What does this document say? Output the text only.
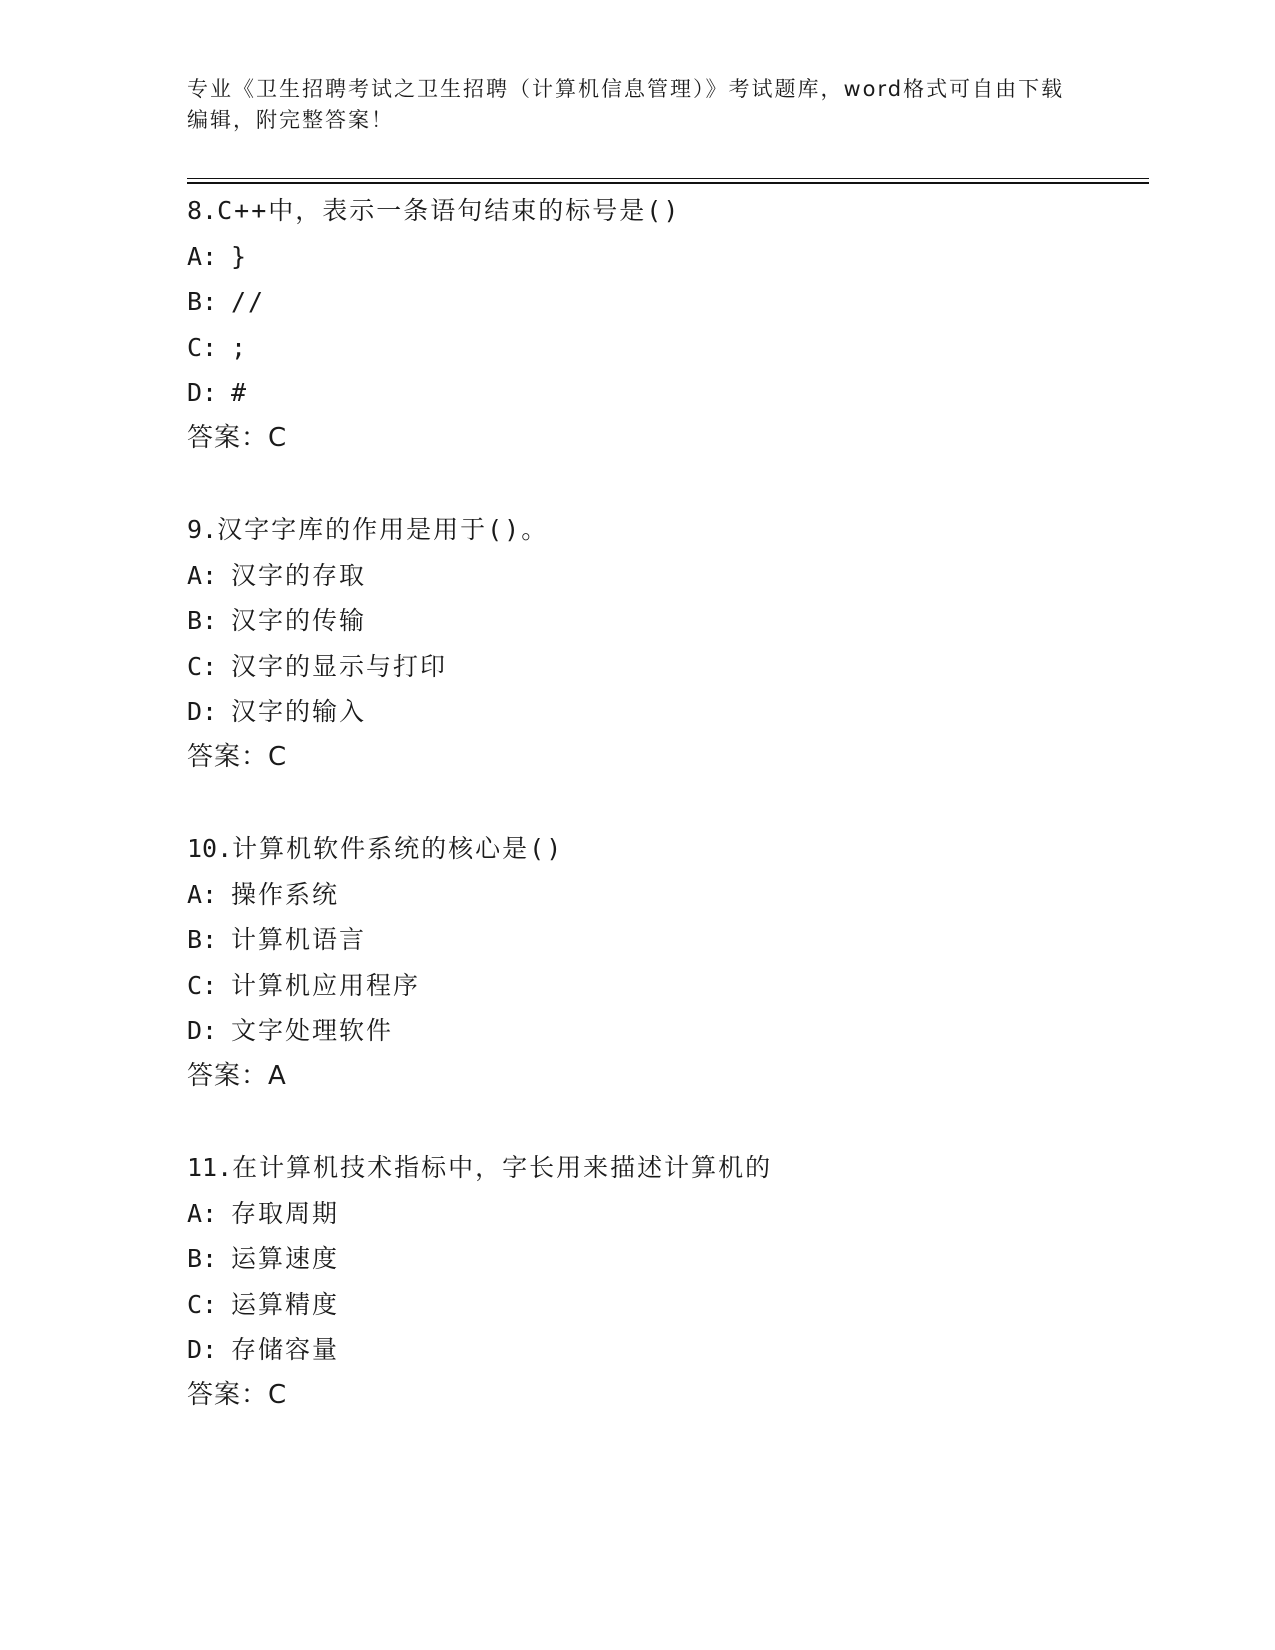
专业《卫生招聘考试之卫生招聘（计算机信息管理）》考试题库，word格式可自由下载编辑，附完整答案！
8.C++中，表示一条语句结束的标号是()
A: }
B: //
C: ;
D: #
答案：C
9.汉字字库的作用是用于()。
A: 汉字的存取
B: 汉字的传输
C: 汉字的显示与打印
D: 汉字的输入
答案：C
10.计算机软件系统的核心是()
A: 操作系统
B: 计算机语言
C: 计算机应用程序
D: 文字处理软件
答案：A
11.在计算机技术指标中，字长用来描述计算机的
A: 存取周期
B: 运算速度
C: 运算精度
D: 存储容量
答案：C
